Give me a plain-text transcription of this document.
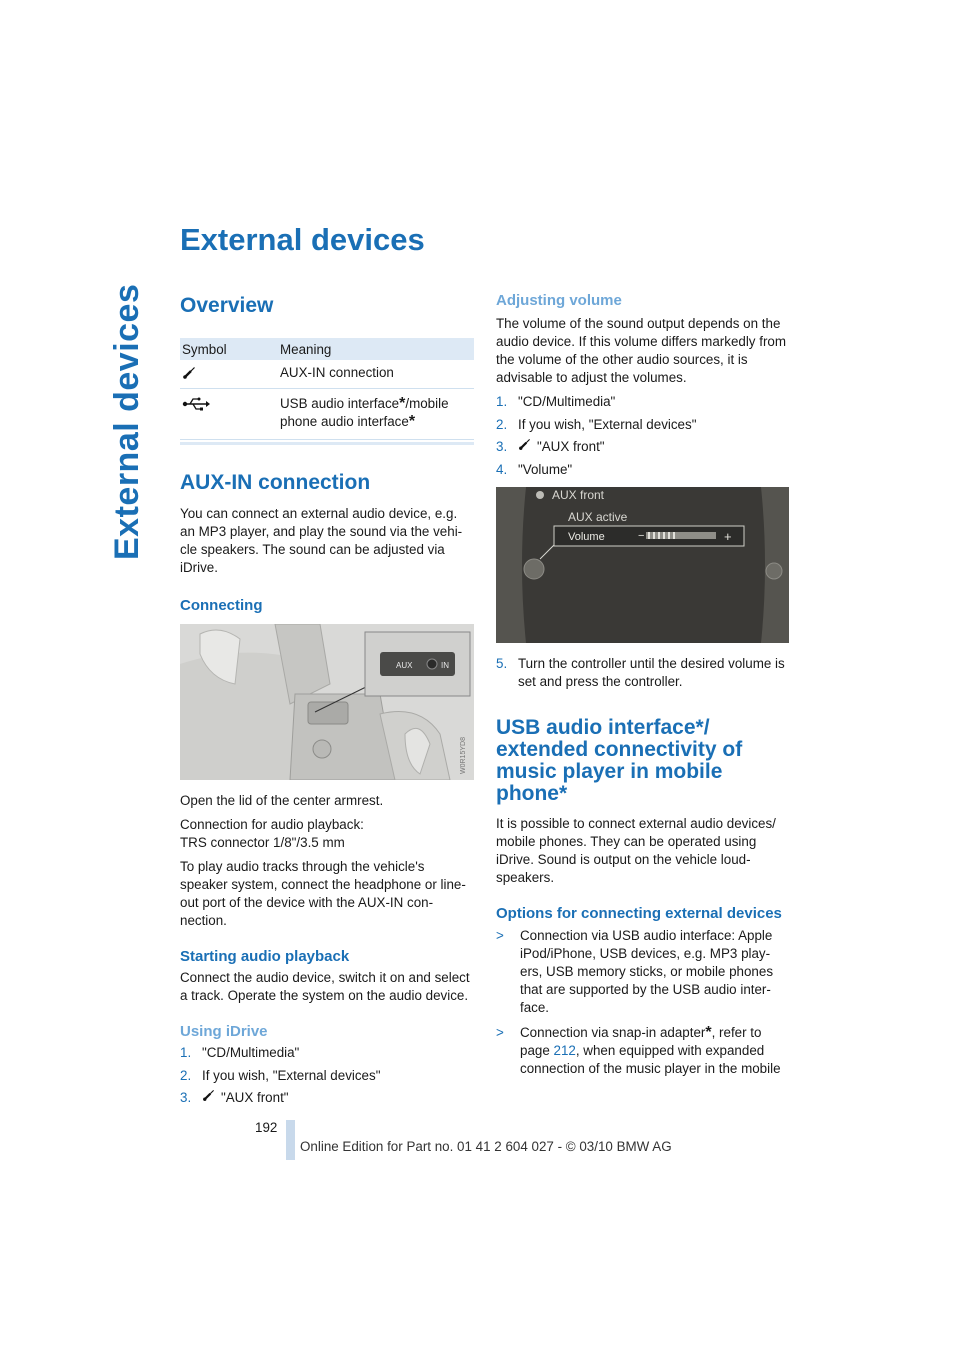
External devices
External devices
Overview
Symbol	Meaning
AUX-IN connection
USB audio interface*/mobile phone audio interface*
AUX-IN connection

You can connect an external audio device, e.g. an MP3 player, and play the sound via the vehi-cle speakers. The sound can be adjusted via iDrive.

Connecting
W0R15YD8
AUX	IN

Open the lid of the center armrest.

Connection for audio playback:

TRS connector 1/8"/3.5 mm

To play audio tracks through the vehicle's speaker system, connect the headphone or line-out port of the device with the AUX-IN con-nection.

Starting audio playback

Connect the audio device, switch it on and select a track. Operate the system on the audio device.

Using iDrive
1. "CD/Multimedia"
2. If you wish, "External devices"
3.	"AUX front"
Adjusting volume

The volume of the sound output depends on the audio device. If this volume differs markedly from the volume of the other audio sources, it is advisable to adjust the volumes.

1. "CD/Multimedia"
2. If you wish, "External devices"
3.	"AUX front"
4. "Volume"
−	+
AUX front
AUX active
Volume
5. Turn the controller until the desired volume is set and press the controller.
USB audio interface*/ extended connectivity of music player in mobile phone*

It is possible to connect external audio devices/ mobile phones. They can be operated using iDrive. Sound is output on the vehicle loud-speakers.

Options for connecting external devices
>	Connection via USB audio interface: Apple iPod/iPhone, USB devices, e.g. MP3 play-ers, USB memory sticks, or mobile phones that are supported by the USB audio inter-face.
>	Connection via snap-in adapter*, refer to page 212, when equipped with expanded connection of the music player in the mobile
192
Online Edition for Part no. 01 41 2 604 027 - © 03/10 BMW AG
